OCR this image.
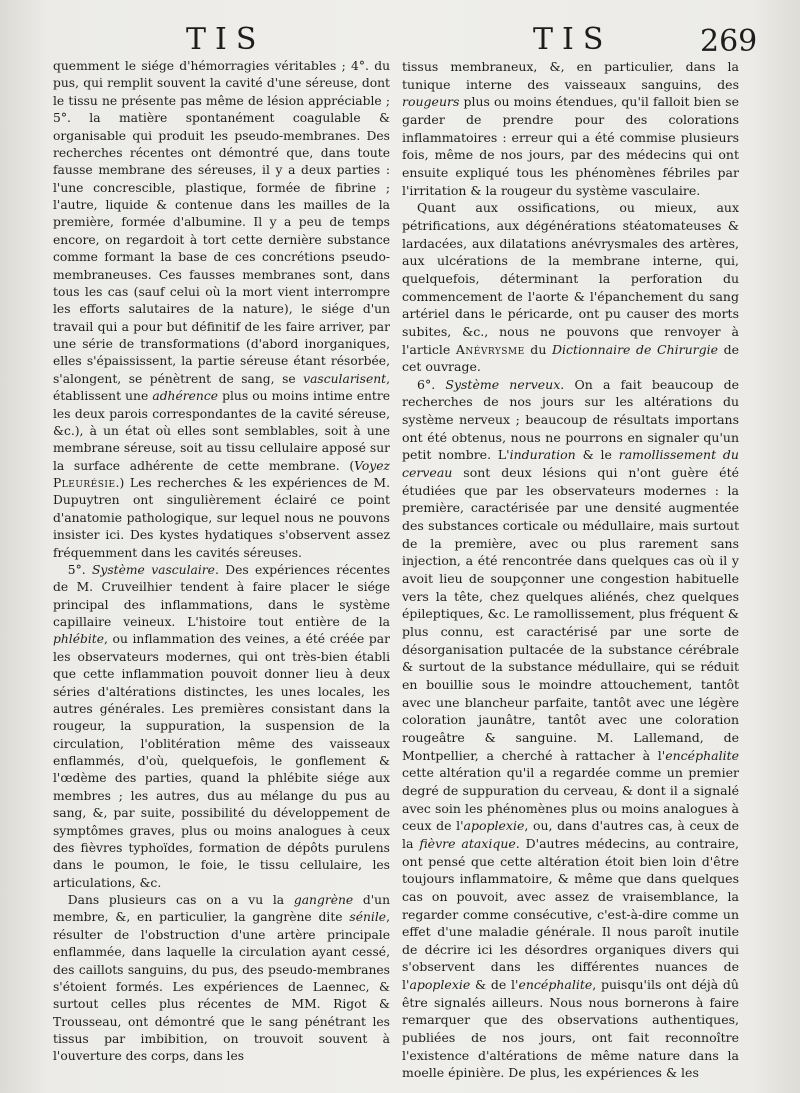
TIS	TIS	269

quemment le siége d'hémorragies véritables ; 4°. du pus, qui remplit souvent la cavité d'une séreuse, dont le tissu ne présente pas même de lésion appréciable ; 5°. la matière spontanément coagulable & organisable qui produit les pseudo-membranes. Des recherches récentes ont démontré que, dans toute fausse membrane des séreuses, il y a deux parties : l'une concrescible, plastique, formée de fibrine ; l'autre, liquide & contenue dans les mailles de la première, formée d'albumine. Il y a peu de temps encore, on regardoit à tort cette dernière substance comme formant la base de ces concrétions pseudo-membraneuses. Ces fausses membranes sont, dans tous les cas (sauf celui où la mort vient interrompre les efforts salutaires de la nature), le siége d'un travail qui a pour but définitif de les faire arriver, par une série de transformations (d'abord inorganiques, elles s'épaississent, la partie séreuse étant résorbée, s'alongent, se pénètrent de sang, se vascularisent, établissent une adhérence plus ou moins intime entre les deux parois correspondantes de la cavité séreuse, &c.), à un état où elles sont semblables, soit à une membrane séreuse, soit au tissu cellulaire apposé sur la surface adhérente de cette membrane. (Voyez Pleurésie.) Les recherches & les expériences de M. Dupuytren ont singulièrement éclairé ce point d'anatomie pathologique, sur lequel nous ne pouvons insister ici. Des kystes hydatiques s'observent assez fréquemment dans les cavités séreuses.

5°. Système vasculaire. Des expériences récentes de M. Cruveilhier tendent à faire placer le siége principal des inflammations, dans le système capillaire veineux. L'histoire tout entière de la phlébite, ou inflammation des veines, a été créée par les observateurs modernes, qui ont très-bien établi que cette inflammation pouvoit donner lieu à deux séries d'altérations distinctes, les unes locales, les autres générales. Les premières consistant dans la rougeur, la suppuration, la suspension de la circulation, l'oblitération même des vaisseaux enflammés, d'où, quelquefois, le gonflement & l'œdème des parties, quand la phlébite siége aux membres ; les autres, dus au mélange du pus au sang, &, par suite, possibilité du développement de symptômes graves, plus ou moins analogues à ceux des fièvres typhoïdes, formation de dépôts purulens dans le poumon, le foie, le tissu cellulaire, les articulations, &c.

Dans plusieurs cas on a vu la gangrène d'un membre, &, en particulier, la gangrène dite sénile, résulter de l'obstruction d'une artère principale enflammée, dans laquelle la circulation ayant cessé, des caillots sanguins, du pus, des pseudo-membranes s'étoient formés. Les expériences de Laennec, & surtout celles plus récentes de MM. Rigot & Trousseau, ont démontré que le sang pénétrant les tissus par imbibition, on trouvoit souvent à l'ouverture des corps, dans les

tissus membraneux, &, en particulier, dans la tunique interne des vaisseaux sanguins, des rougeurs plus ou moins étendues, qu'il falloit bien se garder de prendre pour des colorations inflammatoires : erreur qui a été commise plusieurs fois, même de nos jours, par des médecins qui ont ensuite expliqué tous les phénomènes fébriles par l'irritation & la rougeur du système vasculaire.

Quant aux ossifications, ou mieux, aux pétrifications, aux dégénérations stéatomateuses & lardacées, aux dilatations anévrysmales des artères, aux ulcérations de la membrane interne, qui, quelquefois, déterminant la perforation du commencement de l'aorte & l'épanchement du sang artériel dans le péricarde, ont pu causer des morts subites, &c., nous ne pouvons que renvoyer à l'article Anévrysme du Dictionnaire de Chirurgie de cet ouvrage.

6°. Système nerveux. On a fait beaucoup de recherches de nos jours sur les altérations du système nerveux ; beaucoup de résultats importans ont été obtenus, nous ne pourrons en signaler qu'un petit nombre. L'induration & le ramollissement du cerveau sont deux lésions qui n'ont guère été étudiées que par les observateurs modernes : la première, caractérisée par une densité augmentée des substances corticale ou médullaire, mais surtout de la première, avec ou plus rarement sans injection, a été rencontrée dans quelques cas où il y avoit lieu de soupçonner une congestion habituelle vers la tête, chez quelques aliénés, chez quelques épileptiques, &c. Le ramollissement, plus fréquent & plus connu, est caractérisé par une sorte de désorganisation pultacée de la substance cérébrale & surtout de la substance médullaire, qui se réduit en bouillie sous le moindre attouchement, tantôt avec une blancheur parfaite, tantôt avec une légère coloration jaunâtre, tantôt avec une coloration rougeâtre & sanguine. M. Lallemand, de Montpellier, a cherché à rattacher à l'encéphalite cette altération qu'il a regardée comme un premier degré de suppuration du cerveau, & dont il a signalé avec soin les phénomènes plus ou moins analogues à ceux de l'apoplexie, ou, dans d'autres cas, à ceux de la fièvre ataxique. D'autres médecins, au contraire, ont pensé que cette altération étoit bien loin d'être toujours inflammatoire, & même que dans quelques cas on pouvoit, avec assez de vraisemblance, la regarder comme consécutive, c'est-à-dire comme un effet d'une maladie générale. Il nous paroît inutile de décrire ici les désordres organiques divers qui s'observent dans les différentes nuances de l'apoplexie & de l'encéphalite, puisqu'ils ont déjà dû être signalés ailleurs. Nous nous bornerons à faire remarquer que des observations authentiques, publiées de nos jours, ont fait reconnoître l'existence d'altérations de même nature dans la moelle épinière. De plus, les expériences & les
